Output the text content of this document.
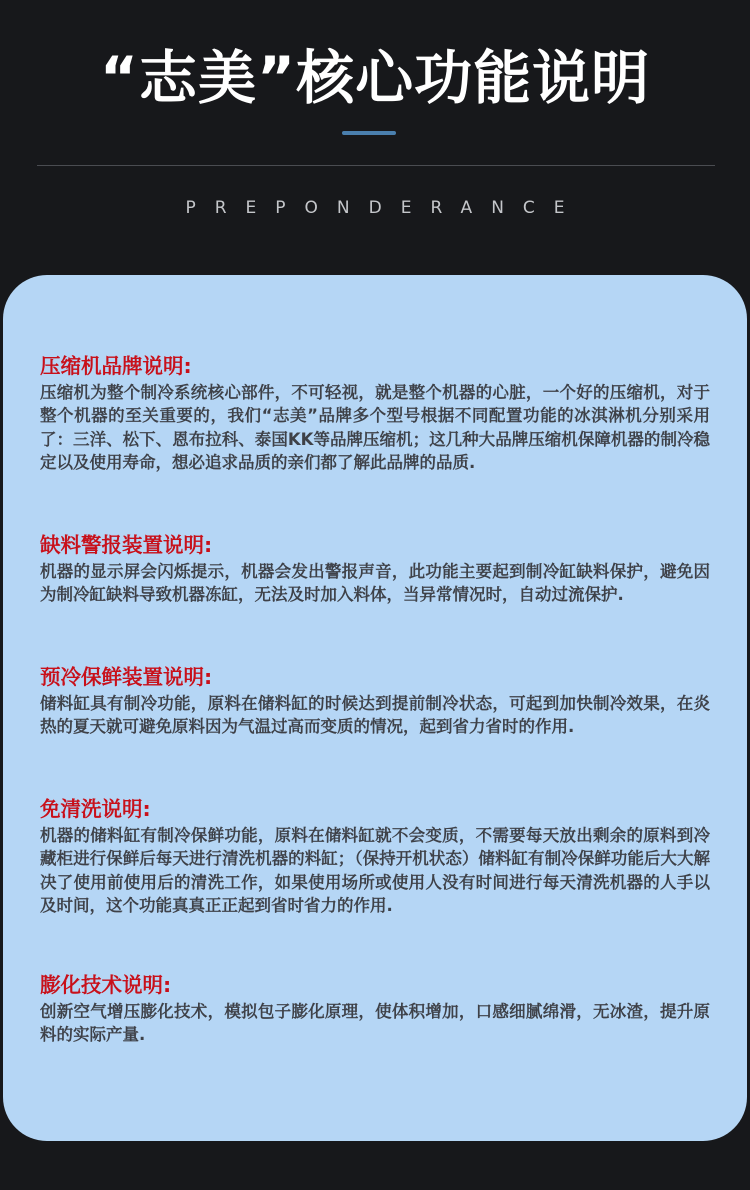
“志美”核心功能说明
PREPONDERANCE
压缩机品牌说明:

压缩机为整个制冷系统核心部件，不可轻视，就是整个机器的心脏，一个好的压缩机，对于整个机器的至关重要的，我们“志美”品牌多个型号根据不同配置功能的冰淇淋机分别采用了：三洋、松下、恩布拉科、泰国KK等品牌压缩机；这几种大品牌压缩机保障机器的制冷稳定以及使用寿命，想必追求品质的亲们都了解此品牌的品质.

缺料警报装置说明:

机器的显示屏会闪烁提示，机器会发出警报声音，此功能主要起到制冷缸缺料保护，避免因为制冷缸缺料导致机器冻缸，无法及时加入料体，当异常情况时，自动过流保护.

预冷保鲜装置说明:

储料缸具有制冷功能，原料在储料缸的时候达到提前制冷状态，可起到加快制冷效果，在炎热的夏天就可避免原料因为气温过高而变质的情况，起到省力省时的作用.

免清洗说明:

机器的储料缸有制冷保鲜功能，原料在储料缸就不会变质，不需要每天放出剩余的原料到冷藏柜进行保鲜后每天进行清洗机器的料缸；（保持开机状态）储料缸有制冷保鲜功能后大大解决了使用前使用后的清洗工作，如果使用场所或使用人没有时间进行每天清洗机器的人手以及时间，这个功能真真正正起到省时省力的作用.

膨化技术说明:

创新空气增压膨化技术，模拟包子膨化原理，使体积增加，口感细腻绵滑，无冰渣，提升原料的实际产量.
